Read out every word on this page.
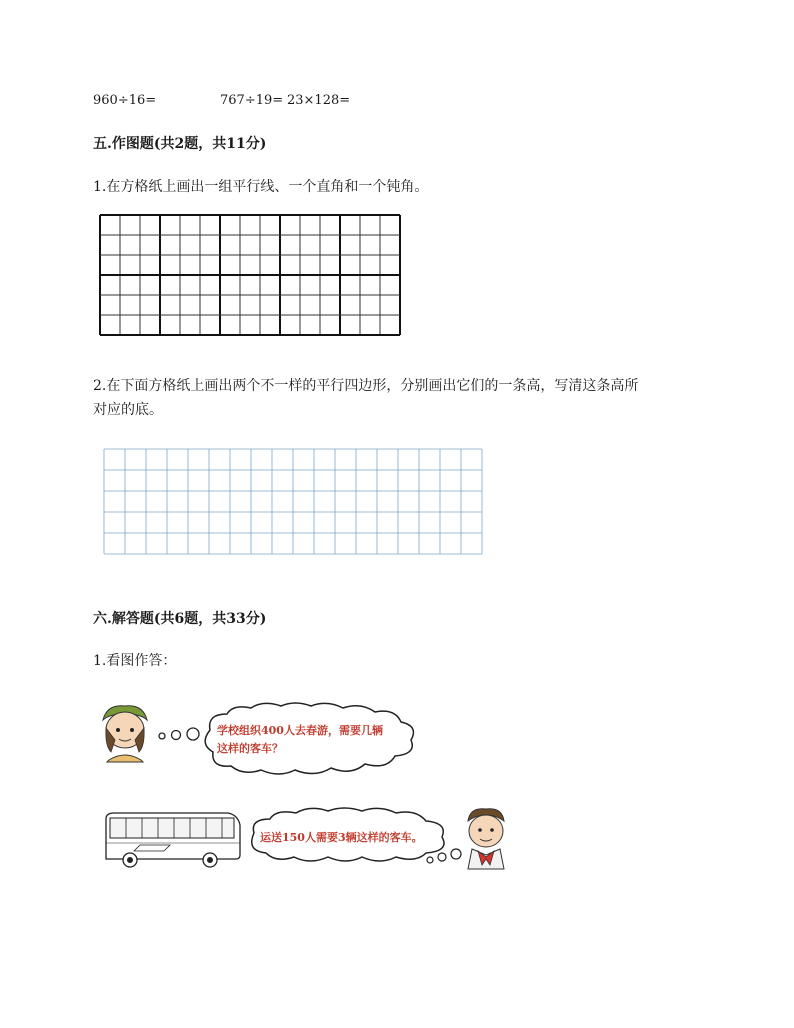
960÷16=	767÷19= 23×128=
五.作图题(共2题，共11分)
1.在方格纸上画出一组平行线、一个直角和一个钝角。
2.在下面方格纸上画出两个不一样的平行四边形，分别画出它们的一条高，写清这条高所
对应的底。
六.解答题(共6题，共33分)
1.看图作答：
学校组织400人去春游，需要几辆
这样的客车？
运送150人需要3辆这样的客车。
